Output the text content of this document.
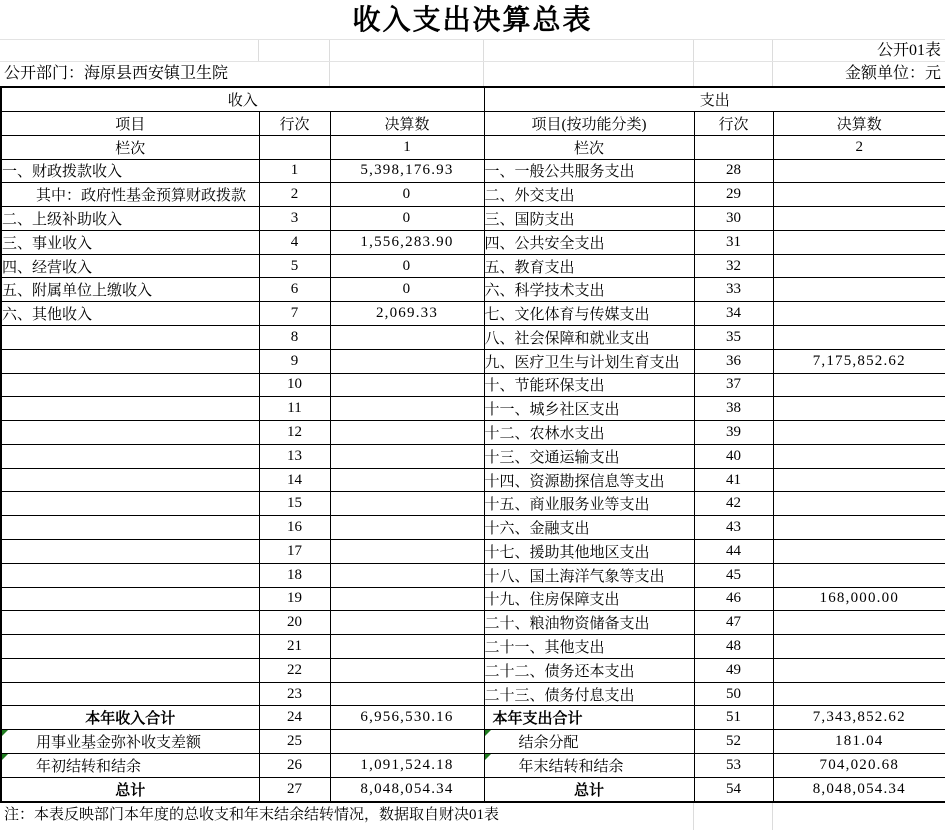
收入支出决算总表
公开01表
公开部门：海原县西安镇卫生院	金额单位：元
收入			支出		
项目	行次	决算数	项目(按功能分类)	行次	决算数
栏次		1	栏次		2
一、财政拨款收入	1	5,398,176.93	一、一般公共服务支出	28	
其中：政府性基金预算财政拨款	2	0	二、外交支出	29	
二、上级补助收入	3	0	三、国防支出	30	
三、事业收入	4	1,556,283.90	四、公共安全支出	31	
四、经营收入	5	0	五、教育支出	32	
五、附属单位上缴收入	6	0	六、科学技术支出	33	
六、其他收入	7	2,069.33	七、文化体育与传媒支出	34	
	8		八、社会保障和就业支出	35	
	9		九、医疗卫生与计划生育支出	36	7,175,852.62
	10		十、节能环保支出	37	
	11		十一、城乡社区支出	38	
	12		十二、农林水支出	39	
	13		十三、交通运输支出	40	
	14		十四、资源勘探信息等支出	41	
	15		十五、商业服务业等支出	42	
	16		十六、金融支出	43	
	17		十七、援助其他地区支出	44	
	18		十八、国土海洋气象等支出	45	
	19		十九、住房保障支出	46	168,000.00
	20		二十、粮油物资储备支出	47	
	21		二十一、其他支出	48	
	22		二十二、债务还本支出	49	
	23		二十三、债务付息支出	50	
本年收入合计	24	6,956,530.16	本年支出合计	51	7,343,852.62

用事业基金弥补收支差额	25		结余分配	52	181.04

年初结转和结余	26	1,091,524.18	年末结转和结余	53	704,020.68
总计	27	8,048,054.34	总计	54	8,048,054.34
注：本表反映部门本年度的总收支和年末结余结转情况，数据取自财决01表
